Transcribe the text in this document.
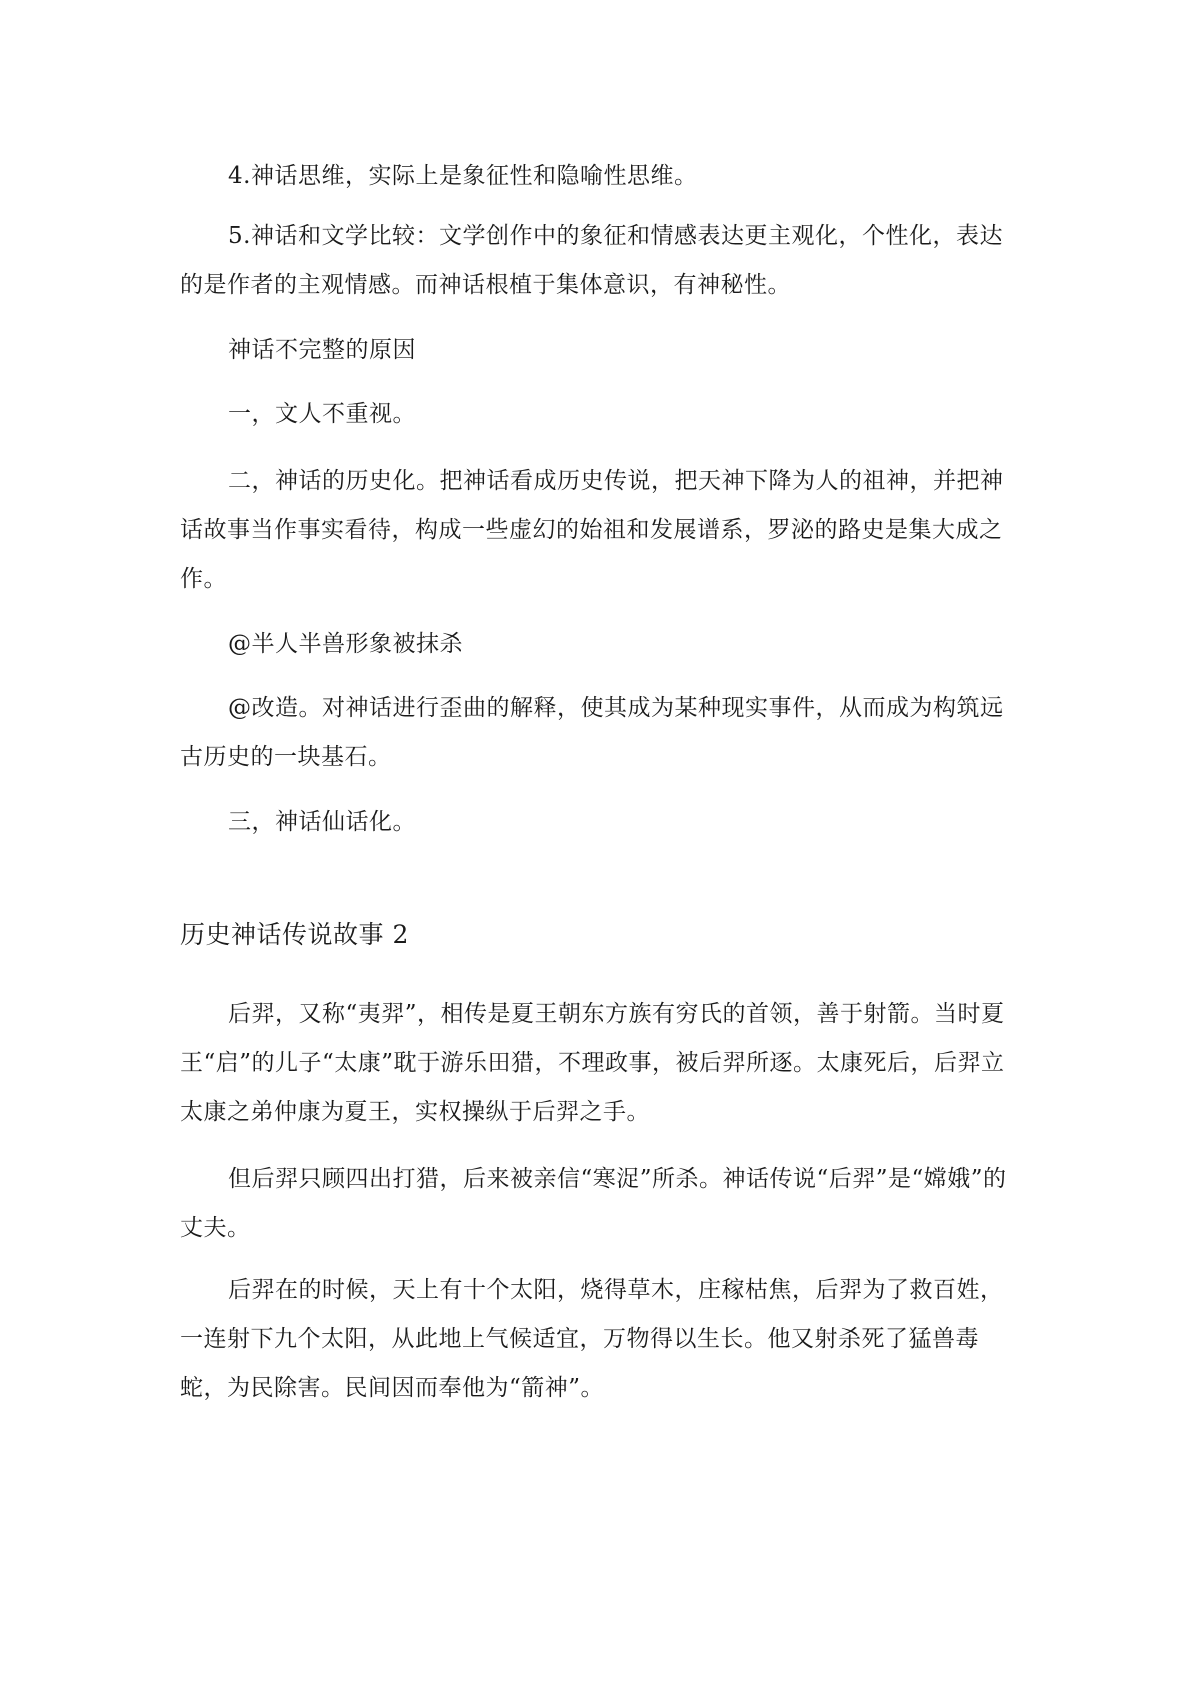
4.神话思维，实际上是象征性和隐喻性思维。

5.神话和文学比较：文学创作中的象征和情感表达更主观化，个性化，表达的是作者的主观情感。而神话根植于集体意识，有神秘性。

神话不完整的原因

一，文人不重视。

二，神话的历史化。把神话看成历史传说，把天神下降为人的祖神，并把神话故事当作事实看待，构成一些虚幻的始祖和发展谱系，罗泌的路史是集大成之作。

@半人半兽形象被抹杀

@改造。对神话进行歪曲的解释，使其成为某种现实事件，从而成为构筑远古历史的一块基石。

三，神话仙话化。

历史神话传说故事 2

后羿，又称“夷羿”，相传是夏王朝东方族有穷氏的首领，善于射箭。当时夏王“启”的儿子“太康”耽于游乐田猎，不理政事，被后羿所逐。太康死后，后羿立太康之弟仲康为夏王，实权操纵于后羿之手。

但后羿只顾四出打猎，后来被亲信“寒浞”所杀。神话传说“后羿”是“嫦娥”的丈夫。

后羿在的时候，天上有十个太阳，烧得草木，庄稼枯焦，后羿为了救百姓，一连射下九个太阳，从此地上气候适宜，万物得以生长。他又射杀死了猛兽毒蛇，为民除害。民间因而奉他为“箭神”。
